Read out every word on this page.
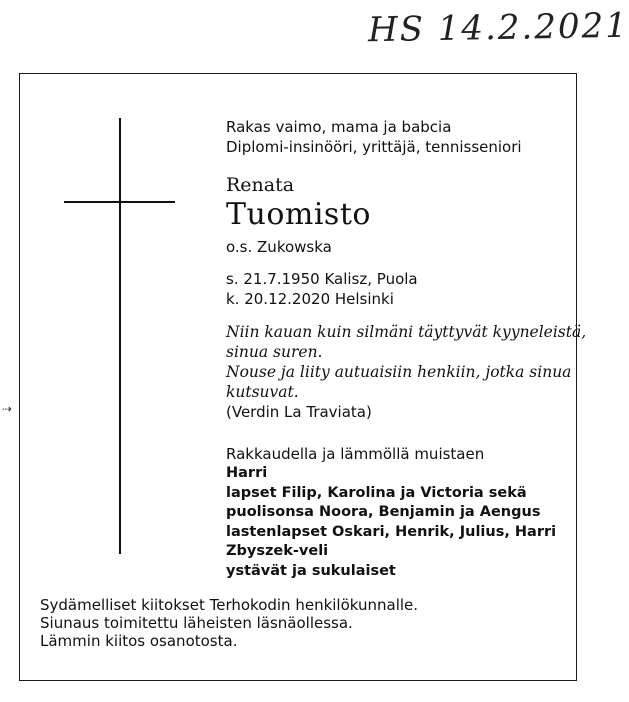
HS 14.2.2021
⇢
Rakas vaimo, mama ja babcia
Diplomi-insinööri, yrittäjä, tennisseniori
Renata
Tuomisto
o.s. Zukowska
s. 21.7.1950 Kalisz, Puola
k. 20.12.2020 Helsinki
Niin kauan kuin silmäni täyttyvät kyyneleistä,
sinua suren.
Nouse ja liity autuaisiin henkiin, jotka sinua
kutsuvat.
(Verdin La Traviata)
Rakkaudella ja lämmöllä muistaen
Harri
lapset Filip, Karolina ja Victoria sekä
puolisonsa Noora, Benjamin ja Aengus
lastenlapset Oskari, Henrik, Julius, Harri
Zbyszek-veli
ystävät ja sukulaiset
Sydämelliset kiitokset Terhokodin henkilökunnalle.
Siunaus toimitettu läheisten läsnäollessa.
Lämmin kiitos osanotosta.
